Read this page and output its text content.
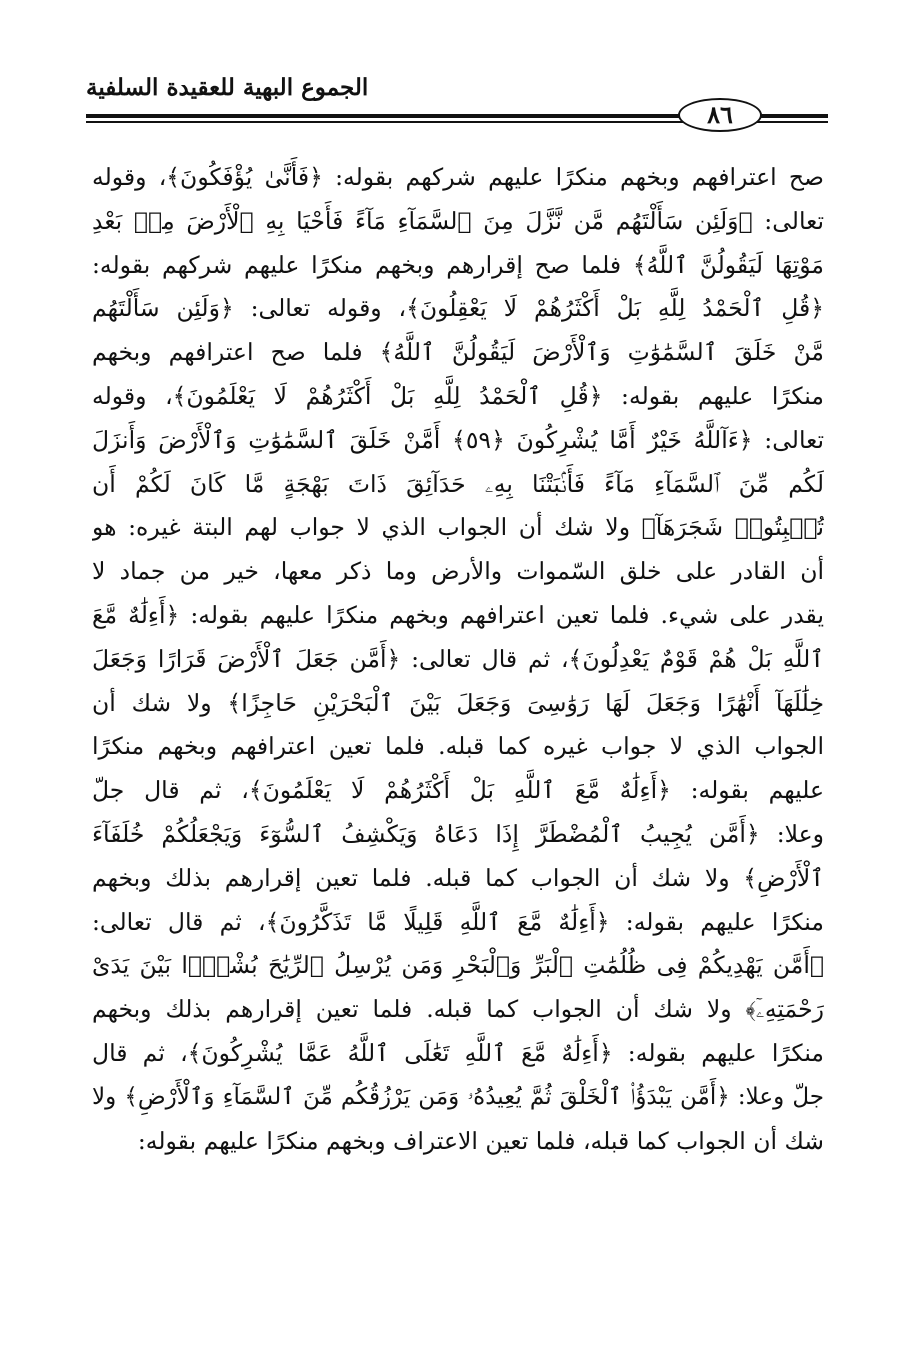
الجموع البهية للعقيدة السلفية
٨٦
صح اعترافهم وبخهم منكرًا عليهم شركهم بقوله: ﴿فَأَنَّىٰ يُؤْفَكُونَ﴾، وقوله
تعالى: ﴿وَلَئِن سَأَلْتَهُم مَّن نَّزَّلَ مِنَ ٱلسَّمَآءِ مَآءً فَأَحْيَا بِهِ ٱلْأَرْضَ مِنۢ بَعْدِ
مَوْتِهَا لَيَقُولُنَّ ٱللَّهُ﴾ فلما صح إقرارهم وبخهم منكرًا عليهم شركهم بقوله:
﴿قُلِ ٱلْحَمْدُ لِلَّهِ بَلْ أَكْثَرُهُمْ لَا يَعْقِلُونَ﴾، وقوله تعالى: ﴿وَلَئِن سَأَلْتَهُم
مَّنْ خَلَقَ ٱلسَّمَٰوَٰتِ وَٱلْأَرْضَ لَيَقُولُنَّ ٱللَّهُ﴾ فلما صح اعترافهم وبخهم
منكرًا عليهم بقوله: ﴿قُلِ ٱلْحَمْدُ لِلَّهِ بَلْ أَكْثَرُهُمْ لَا يَعْلَمُونَ﴾، وقوله
تعالى: ﴿ءَآللَّهُ خَيْرٌ أَمَّا يُشْرِكُونَ ﴿٥٩﴾ أَمَّنْ خَلَقَ ٱلسَّمَٰوَٰتِ وَٱلْأَرْضَ وَأَنزَلَ
لَكُم مِّنَ ٱلسَّمَآءِ مَآءً فَأَنۢبَتْنَا بِهِۦ حَدَآئِقَ ذَاتَ بَهْجَةٍ مَّا كَانَ لَكُمْ أَن
تُنۢبِتُوا۟ شَجَرَهَآ﴾ ولا شك أن الجواب الذي لا جواب لهم البتة غيره: هو
أن القادر على خلق السّموات والأرض وما ذكر معها، خير من جماد لا
يقدر على شيء. فلما تعين اعترافهم وبخهم منكرًا عليهم بقوله: ﴿أَءِلَٰهٌ مَّعَ
ٱللَّهِ بَلْ هُمْ قَوْمٌ يَعْدِلُونَ﴾، ثم قال تعالى: ﴿أَمَّن جَعَلَ ٱلْأَرْضَ قَرَارًا وَجَعَلَ
خِلَٰلَهَآ أَنْهَٰرًا وَجَعَلَ لَهَا رَوَٰسِىَ وَجَعَلَ بَيْنَ ٱلْبَحْرَيْنِ حَاجِزًا﴾ ولا شك أن
الجواب الذي لا جواب غيره كما قبله. فلما تعين اعترافهم وبخهم منكرًا
عليهم بقوله: ﴿أَءِلَٰهٌ مَّعَ ٱللَّهِ بَلْ أَكْثَرُهُمْ لَا يَعْلَمُونَ﴾، ثم قال جلّ
وعلا: ﴿أَمَّن يُجِيبُ ٱلْمُضْطَرَّ إِذَا دَعَاهُ وَيَكْشِفُ ٱلسُّوٓءَ وَيَجْعَلُكُمْ خُلَفَآءَ
ٱلْأَرْضِ﴾ ولا شك أن الجواب كما قبله. فلما تعين إقرارهم بذلك وبخهم
منكرًا عليهم بقوله: ﴿أَءِلَٰهٌ مَّعَ ٱللَّهِ قَلِيلًا مَّا تَذَكَّرُونَ﴾، ثم قال تعالى:
﴿أَمَّن يَهْدِيكُمْ فِى ظُلُمَٰتِ ٱلْبَرِّ وَٱلْبَحْرِ وَمَن يُرْسِلُ ٱلرِّيَٰحَ بُشْرًۢا بَيْنَ يَدَىْ
رَحْمَتِهِۦٓ﴾ ولا شك أن الجواب كما قبله. فلما تعين إقرارهم بذلك وبخهم
منكرًا عليهم بقوله: ﴿أَءِلَٰهٌ مَّعَ ٱللَّهِ تَعَٰلَى ٱللَّهُ عَمَّا يُشْرِكُونَ﴾، ثم قال
جلّ وعلا: ﴿أَمَّن يَبْدَؤُا۟ ٱلْخَلْقَ ثُمَّ يُعِيدُهُۥ وَمَن يَرْزُقُكُم مِّنَ ٱلسَّمَآءِ وَٱلْأَرْضِ﴾ ولا
شك أن الجواب كما قبله، فلما تعين الاعتراف وبخهم منكرًا عليهم بقوله:
